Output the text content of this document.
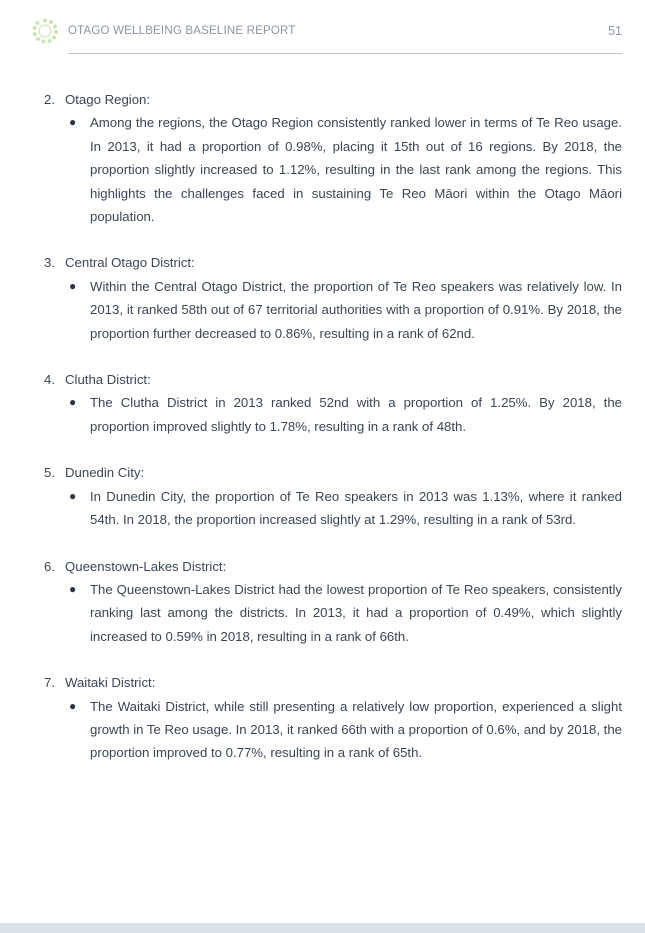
OTAGO WELLBEING BASELINE REPORT	51
2. Otago Region:
●	Among the regions, the Otago Region consistently ranked lower in terms of Te Reo usage. In 2013, it had a proportion of 0.98%, placing it 15th out of 16 regions. By 2018, the proportion slightly increased to 1.12%, resulting in the last rank among the regions. This highlights the challenges faced in sustaining Te Reo Māori within the Otago Māori population.
3. Central Otago District:
●	Within the Central Otago District, the proportion of Te Reo speakers was relatively low. In 2013, it ranked 58th out of 67 territorial authorities with a proportion of 0.91%. By 2018, the proportion further decreased to 0.86%, resulting in a rank of 62nd.
4. Clutha District:
●	The Clutha District in 2013 ranked 52nd with a proportion of 1.25%. By 2018, the proportion improved slightly to 1.78%, resulting in a rank of 48th.
5. Dunedin City:
●	In Dunedin City, the proportion of Te Reo speakers in 2013 was 1.13%, where it ranked 54th. In 2018, the proportion increased slightly at 1.29%, resulting in a rank of 53rd.
6. Queenstown-Lakes District:
●	The Queenstown-Lakes District had the lowest proportion of Te Reo speakers, consistently ranking last among the districts. In 2013, it had a proportion of 0.49%, which slightly increased to 0.59% in 2018, resulting in a rank of 66th.
7. Waitaki District:
●	The Waitaki District, while still presenting a relatively low proportion, experienced a slight growth in Te Reo usage. In 2013, it ranked 66th with a proportion of 0.6%, and by 2018, the proportion improved to 0.77%, resulting in a rank of 65th.
